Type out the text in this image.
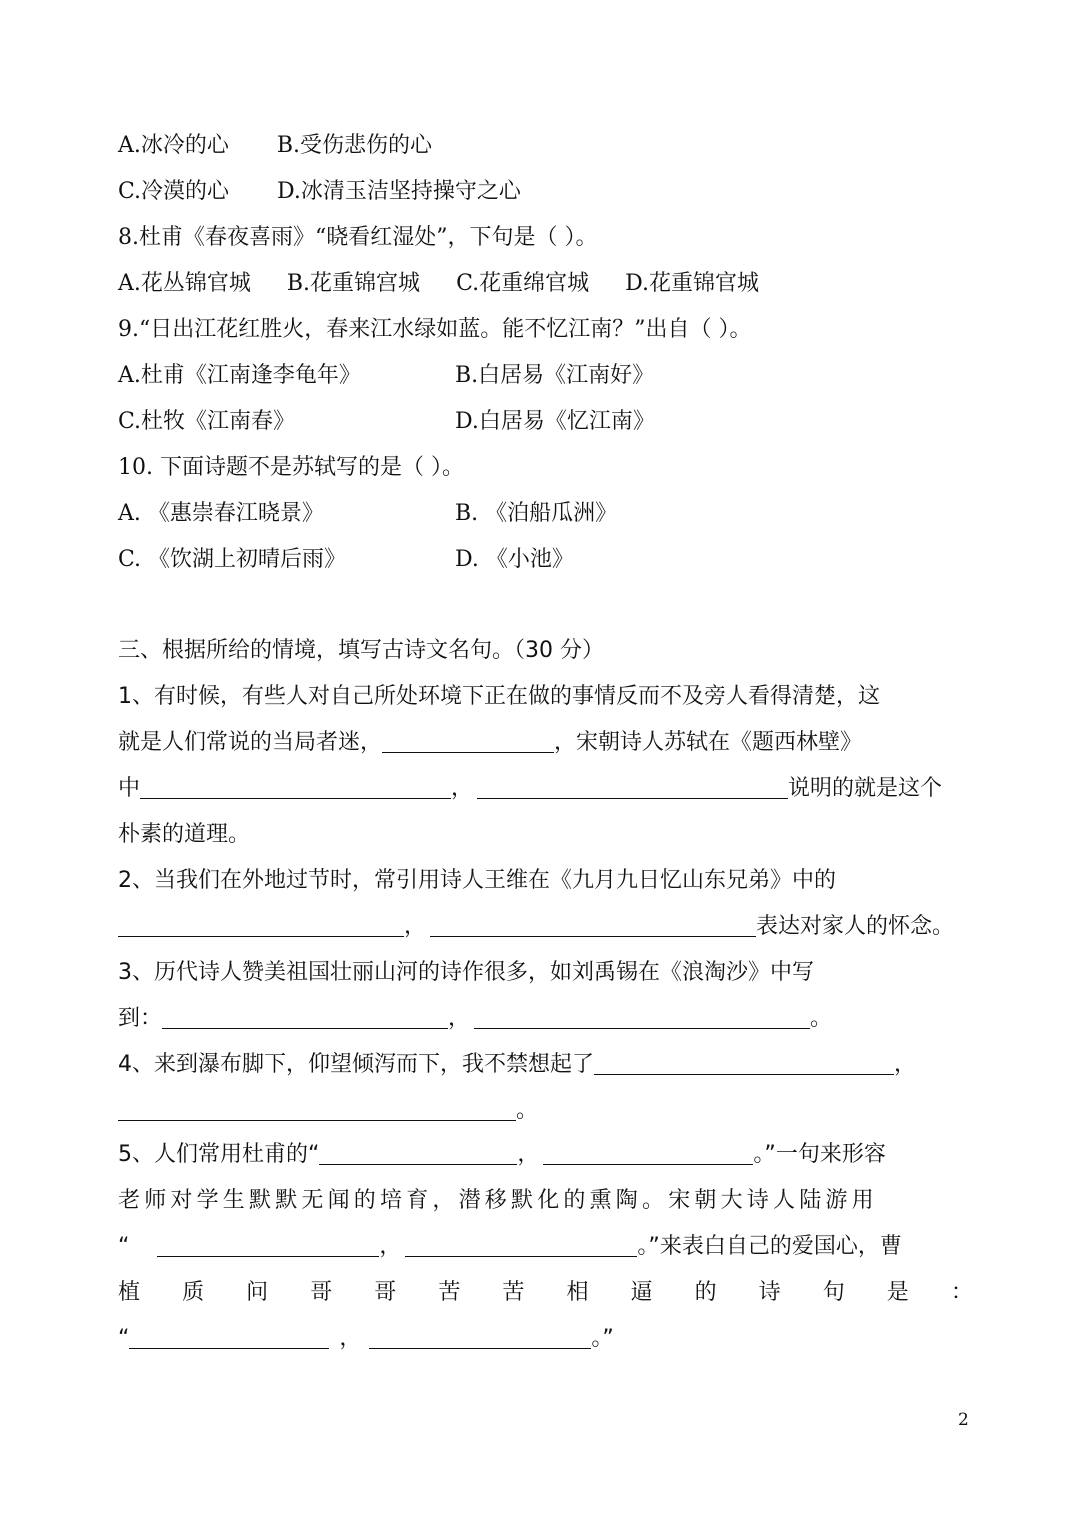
A.冰冷的心 B.受伤悲伤的心
C.冷漠的心 D.冰清玉洁坚持操守之心
8.杜甫《春夜喜雨》“晓看红湿处”，下句是（ ）。
A.花丛锦官城 B.花重锦宫城 C.花重绵官城 D.花重锦官城
9.“日出江花红胜火，春来江水绿如蓝。能不忆江南？”出自（ ）。
A.杜甫《江南逢李龟年》	B.白居易《江南好》
C.杜牧《江南春》	D.白居易《忆江南》
10. 下面诗题不是苏轼写的是（ ）。
A. 《惠崇春江晓景》	B. 《泊船瓜洲》
C. 《饮湖上初晴后雨》	D. 《小池》
三、根据所给的情境，填写古诗文名句。（30 分）
1、有时候，有些人对自己所处环境下正在做的事情反而不及旁人看得清楚，这
就是人们常说的当局者迷，	，宋朝诗人苏轼在《题西林壁》
中	，	说明的就是这个
朴素的道理。
2、当我们在外地过节时，常引用诗人王维在《九月九日忆山东兄弟》中的
，	表达对家人的怀念。
3、历代诗人赞美祖国壮丽山河的诗作很多，如刘禹锡在《浪淘沙》中写
到：	，	。
4、来到瀑布脚下，仰望倾泻而下，我不禁想起了	，
。
5、人们常用杜甫的“	，	。”一句来形容
老师对学生默默无闻的培育，潜移默化的熏陶。宋朝大诗人陆游用
“	，	。”来表白自己的爱国心，曹
植 质 问 哥 哥 苦 苦 相 逼 的 诗 句 是 ：
“	，	。”
2
